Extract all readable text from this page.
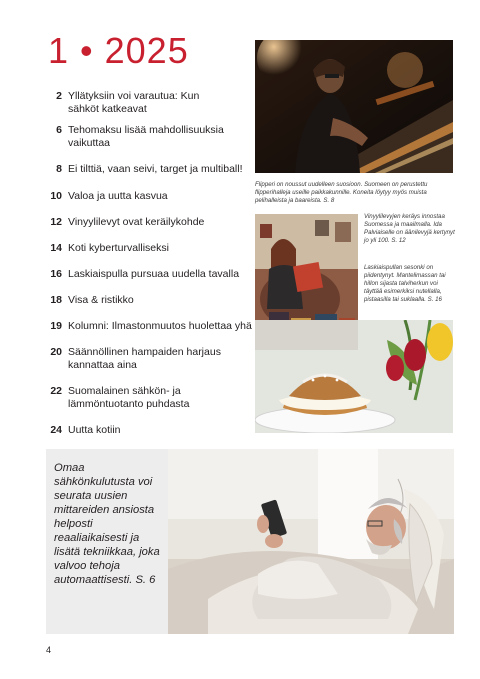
1 • 2025
2 Yllätyksiin voi varautua: Kun sähköt katkeavat
6 Tehomaksu lisää mahdollisuuksia vaikuttaa
8 Ei tilttiä, vaan seivi, target ja multiball!
10 Valoa ja uutta kasvua
12 Vinyylilevyt ovat keräilykohde
14 Koti kyberturvalliseksi
16 Laskiaispulla pursuaa uudella tavalla
18 Visa & ristikko
19 Kolumni: Ilmastonmuutos huolettaa yhä
20 Säännöllinen hampaiden harjaus kannattaa aina
22 Suomalainen sähkön- ja lämmöntuotanto puhdasta
24 Uutta kotiin
Flipperi on noussut uudelleen suosioon. Suomeen on perustettu flipperihalleja useille paikkakunnille. Koneita löytyy myös muista pelihalleista ja baareista. S. 8
Vinyylilevyjen keräys innostaa Suomessa ja maailmalla. Ida Palviaiselle on äänilevyjä kertynyt jo yli 100. S. 12
Laskiaispullan sesonki on piidentynyt. Mantelimassan tai hillon sijasta talviherkun voi täyttää esimerkiksi nutellalla, pistaasilla tai suklaalla. S. 16
Omaa sähkönkulutusta voi seurata uusien mittareiden ansiosta helposti reaaliaikaisesti ja lisätä tekniikkaa, joka valvoo tehoja automaattisesti. S. 6
4
